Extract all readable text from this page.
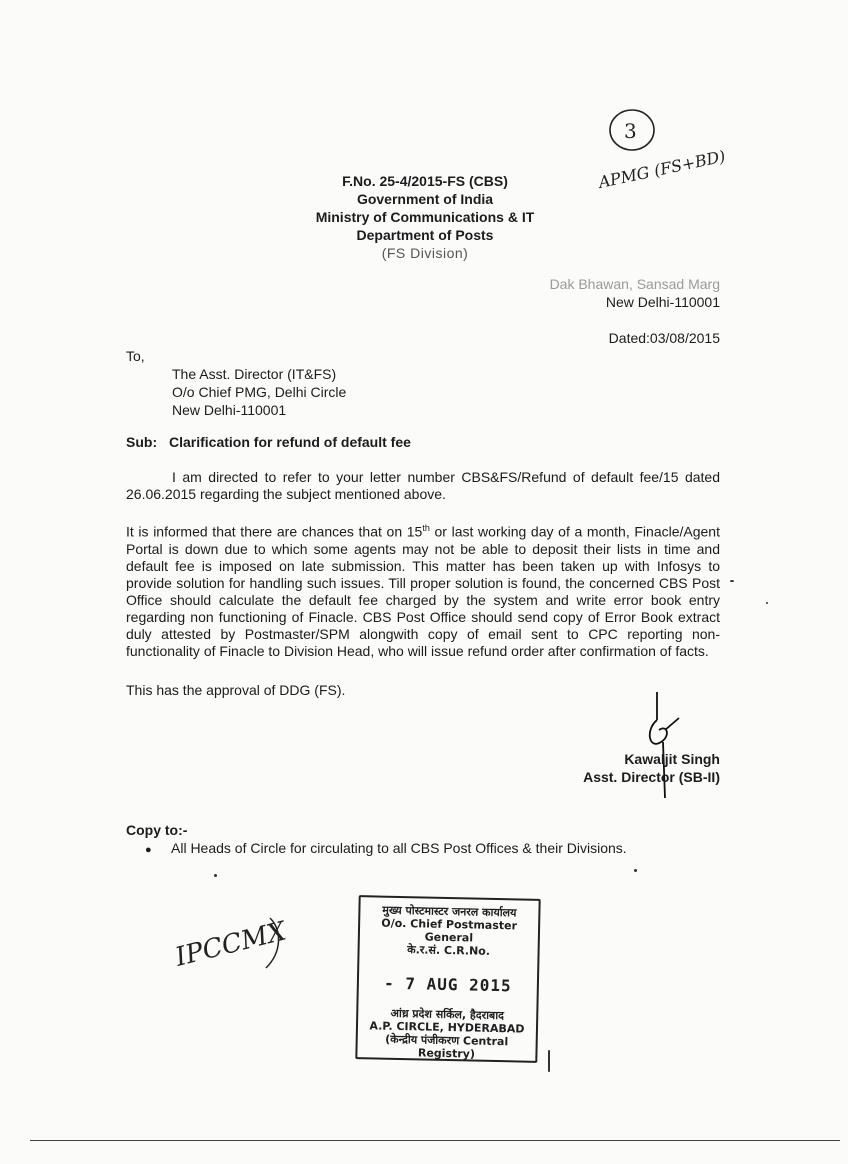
3
APMG (FS+BD)
F.No. 25-4/2015-FS (CBS)
Government of India
Ministry of Communications & IT
Department of Posts
(FS Division)
Dak Bhawan, Sansad Marg
New Delhi-110001
Dated:03/08/2015
To,
The Asst. Director (IT&FS)
O/o Chief PMG, Delhi Circle
New Delhi-110001
Sub: Clarification for refund of default fee
I am directed to refer to your letter number CBS&FS/Refund of default fee/15 dated 26.06.2015 regarding the subject mentioned above.
It is informed that there are chances that on 15th or last working day of a month, Finacle/Agent Portal is down due to which some agents may not be able to deposit their lists in time and default fee is imposed on late submission. This matter has been taken up with Infosys to provide solution for handling such issues. Till proper solution is found, the concerned CBS Post Office should calculate the default fee charged by the system and write error book entry regarding non functioning of Finacle. CBS Post Office should send copy of Error Book extract duly attested by Postmaster/SPM alongwith copy of email sent to CPC reporting non-functionality of Finacle to Division Head, who will issue refund order after confirmation of facts.
This has the approval of DDG (FS).
Kawaljit Singh
Asst. Director (SB-II)
Copy to:-
● All Heads of Circle for circulating to all CBS Post Offices & their Divisions.
IPCCMX
मुख्य पोस्टमास्टर जनरल कार्यालय
O/o. Chief Postmaster General
के.र.सं. C.R.No.
- 7 AUG 2015
आंध्र प्रदेश सर्किल, हैदराबाद
A.P. CIRCLE, HYDERABAD
(केन्द्रीय पंजीकरण Central Registry)
